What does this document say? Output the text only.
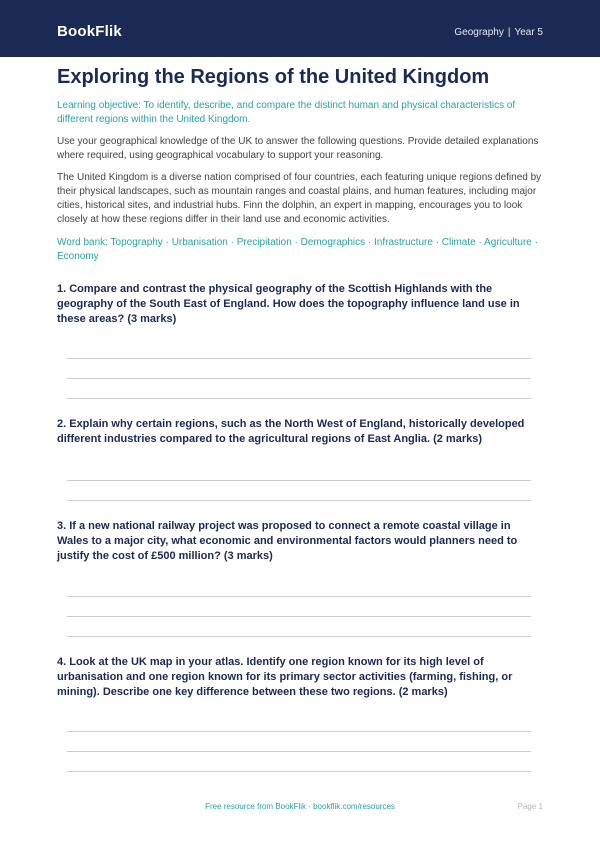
BookFlik	Geography | Year 5
Exploring the Regions of the United Kingdom

Learning objective: To identify, describe, and compare the distinct human and physical characteristics of different regions within the United Kingdom.

Use your geographical knowledge of the UK to answer the following questions. Provide detailed explanations where required, using geographical vocabulary to support your reasoning.

The United Kingdom is a diverse nation comprised of four countries, each featuring unique regions defined by their physical landscapes, such as mountain ranges and coastal plains, and human features, including major cities, historical sites, and industrial hubs. Finn the dolphin, an expert in mapping, encourages you to look closely at how these regions differ in their land use and economic activities.

Word bank: Topography · Urbanisation · Precipitation · Demographics · Infrastructure · Climate · Agriculture · Economy

1. Compare and contrast the physical geography of the Scottish Highlands with the geography of the South East of England. How does the topography influence land use in these areas? (3 marks)

2. Explain why certain regions, such as the North West of England, historically developed different industries compared to the agricultural regions of East Anglia. (2 marks)

3. If a new national railway project was proposed to connect a remote coastal village in Wales to a major city, what economic and environmental factors would planners need to justify the cost of £500 million? (3 marks)

4. Look at the UK map in your atlas. Identify one region known for its high level of urbanisation and one region known for its primary sector activities (farming, fishing, or mining). Describe one key difference between these two regions. (2 marks)

Free resource from BookFlik · bookflik.com/resources	Page 1
